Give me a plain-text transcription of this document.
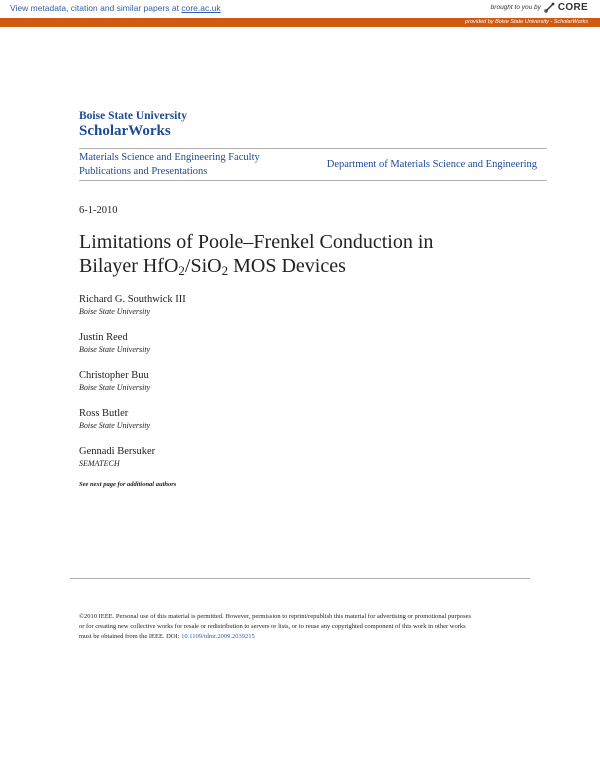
View metadata, citation and similar papers at core.ac.uk	brought to you by CORE
provided by Boise State University - ScholarWorks
Boise State University
ScholarWorks
Materials Science and Engineering Faculty
Publications and Presentations
Department of Materials Science and Engineering
6-1-2010
Limitations of Poole–Frenkel Conduction in
Bilayer HfO2/SiO2 MOS Devices
Richard G. Southwick III
Boise State University
Justin Reed
Boise State University
Christopher Buu
Boise State University
Ross Butler
Boise State University
Gennadi Bersuker
SEMATECH
See next page for additional authors
©2010 IEEE. Personal use of this material is permitted. However, permission to reprint/republish this material for advertising or promotional purposes
or for creating new collective works for resale or redistribution to servers or lists, or to reuse any copyrighted component of this work in other works
must be obtained from the IEEE. DOI: 10.1109/tdmr.2009.2039215
